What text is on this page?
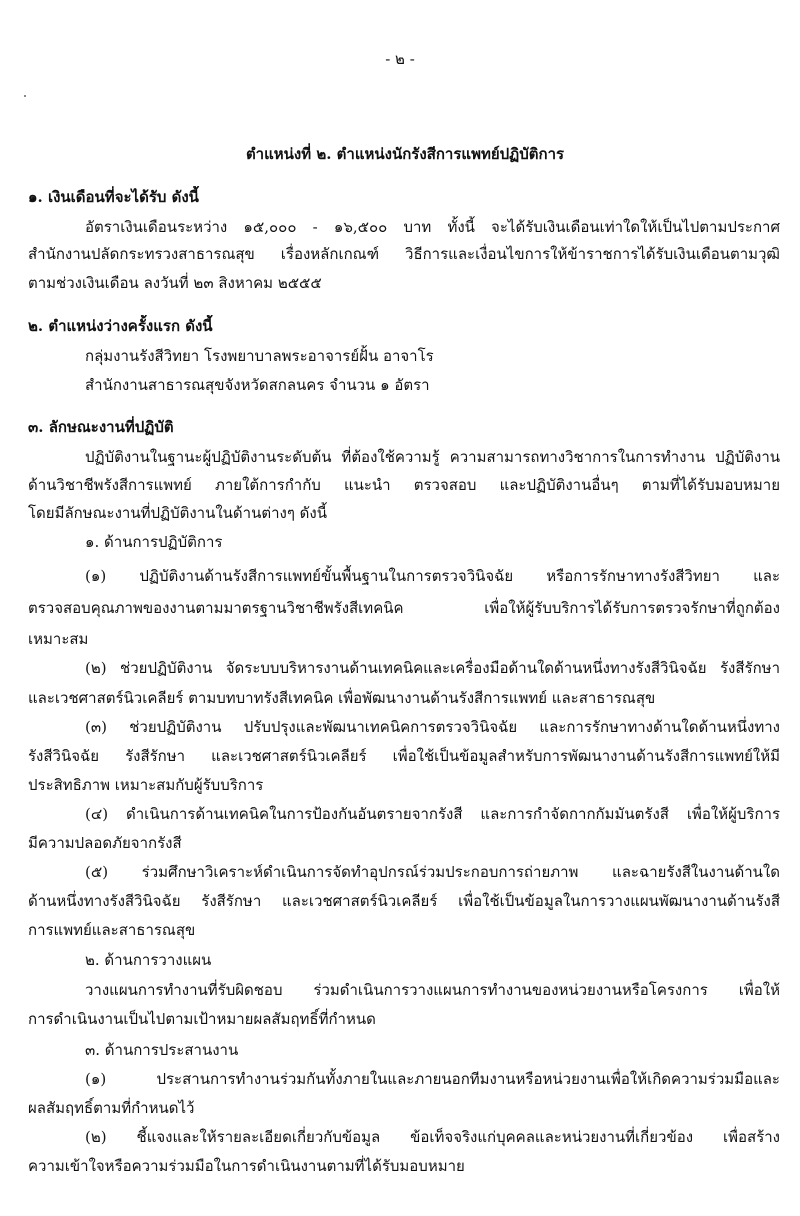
- ๒ -
ตำแหน่งที่ ๒. ตำแหน่งนักรังสีการแพทย์ปฏิบัติการ
๑. เงินเดือนที่จะได้รับ ดังนี้
อัตราเงินเดือนระหว่าง ๑๕,๐๐๐ - ๑๖,๕๐๐ บาท ทั้งนี้ จะได้รับเงินเดือนเท่าใดให้เป็นไปตามประกาศ
สำนักงานปลัดกระทรวงสาธารณสุข เรื่องหลักเกณฑ์ วิธีการและเงื่อนไขการให้ข้าราชการได้รับเงินเดือนตามวุฒิ
ตามช่วงเงินเดือน ลงวันที่ ๒๓ สิงหาคม ๒๕๕๕
๒. ตำแหน่งว่างครั้งแรก ดังนี้
กลุ่มงานรังสีวิทยา โรงพยาบาลพระอาจารย์ฝั้น อาจาโร
สำนักงานสาธารณสุขจังหวัดสกลนคร จำนวน ๑ อัตรา
๓. ลักษณะงานที่ปฏิบัติ
ปฏิบัติงานในฐานะผู้ปฏิบัติงานระดับต้น ที่ต้องใช้ความรู้ ความสามารถทางวิชาการในการทำงาน ปฏิบัติงาน
ด้านวิชาชีพรังสีการแพทย์ ภายใต้การกำกับ แนะนำ ตรวจสอบ และปฏิบัติงานอื่นๆ ตามที่ได้รับมอบหมาย
โดยมีลักษณะงานที่ปฏิบัติงานในด้านต่างๆ ดังนี้
๑. ด้านการปฏิบัติการ
(๑) ปฏิบัติงานด้านรังสีการแพทย์ขั้นพื้นฐานในการตรวจวินิจฉัย หรือการรักษาทางรังสีวิทยา และ
ตรวจสอบคุณภาพของงานตามมาตรฐานวิชาชีพรังสีเทคนิค เพื่อให้ผู้รับบริการได้รับการตรวจรักษาที่ถูกต้อง
เหมาะสม
(๒) ช่วยปฏิบัติงาน จัดระบบบริหารงานด้านเทคนิคและเครื่องมือด้านใดด้านหนึ่งทางรังสีวินิจฉัย รังสีรักษา
และเวชศาสตร์นิวเคลียร์ ตามบทบาทรังสีเทคนิค เพื่อพัฒนางานด้านรังสีการแพทย์ และสาธารณสุข
(๓) ช่วยปฏิบัติงาน ปรับปรุงและพัฒนาเทคนิคการตรวจวินิจฉัย และการรักษาทางด้านใดด้านหนึ่งทาง
รังสีวินิจฉัย รังสีรักษา และเวชศาสตร์นิวเคลียร์ เพื่อใช้เป็นข้อมูลสำหรับการพัฒนางานด้านรังสีการแพทย์ให้มี
ประสิทธิภาพ เหมาะสมกับผู้รับบริการ
(๔) ดำเนินการด้านเทคนิคในการป้องกันอันตรายจากรังสี และการกำจัดกากกัมมันตรังสี เพื่อให้ผู้บริการ
มีความปลอดภัยจากรังสี
(๕) ร่วมศึกษาวิเคราะห์ดำเนินการจัดทำอุปกรณ์ร่วมประกอบการถ่ายภาพ และฉายรังสีในงานด้านใด
ด้านหนึ่งทางรังสีวินิจฉัย รังสีรักษา และเวชศาสตร์นิวเคลียร์ เพื่อใช้เป็นข้อมูลในการวางแผนพัฒนางานด้านรังสี
การแพทย์และสาธารณสุข
๒. ด้านการวางแผน
วางแผนการทำงานที่รับผิดชอบ ร่วมดำเนินการวางแผนการทำงานของหน่วยงานหรือโครงการ เพื่อให้
การดำเนินงานเป็นไปตามเป้าหมายผลสัมฤทธิ์ที่กำหนด
๓. ด้านการประสานงาน
(๑) ประสานการทำงานร่วมกันทั้งภายในและภายนอกทีมงานหรือหน่วยงานเพื่อให้เกิดความร่วมมือและ
ผลสัมฤทธิ์ตามที่กำหนดไว้
(๒) ชี้แจงและให้รายละเอียดเกี่ยวกับข้อมูล ข้อเท็จจริงแก่บุคคลและหน่วยงานที่เกี่ยวข้อง เพื่อสร้าง
ความเข้าใจหรือความร่วมมือในการดำเนินงานตามที่ได้รับมอบหมาย
